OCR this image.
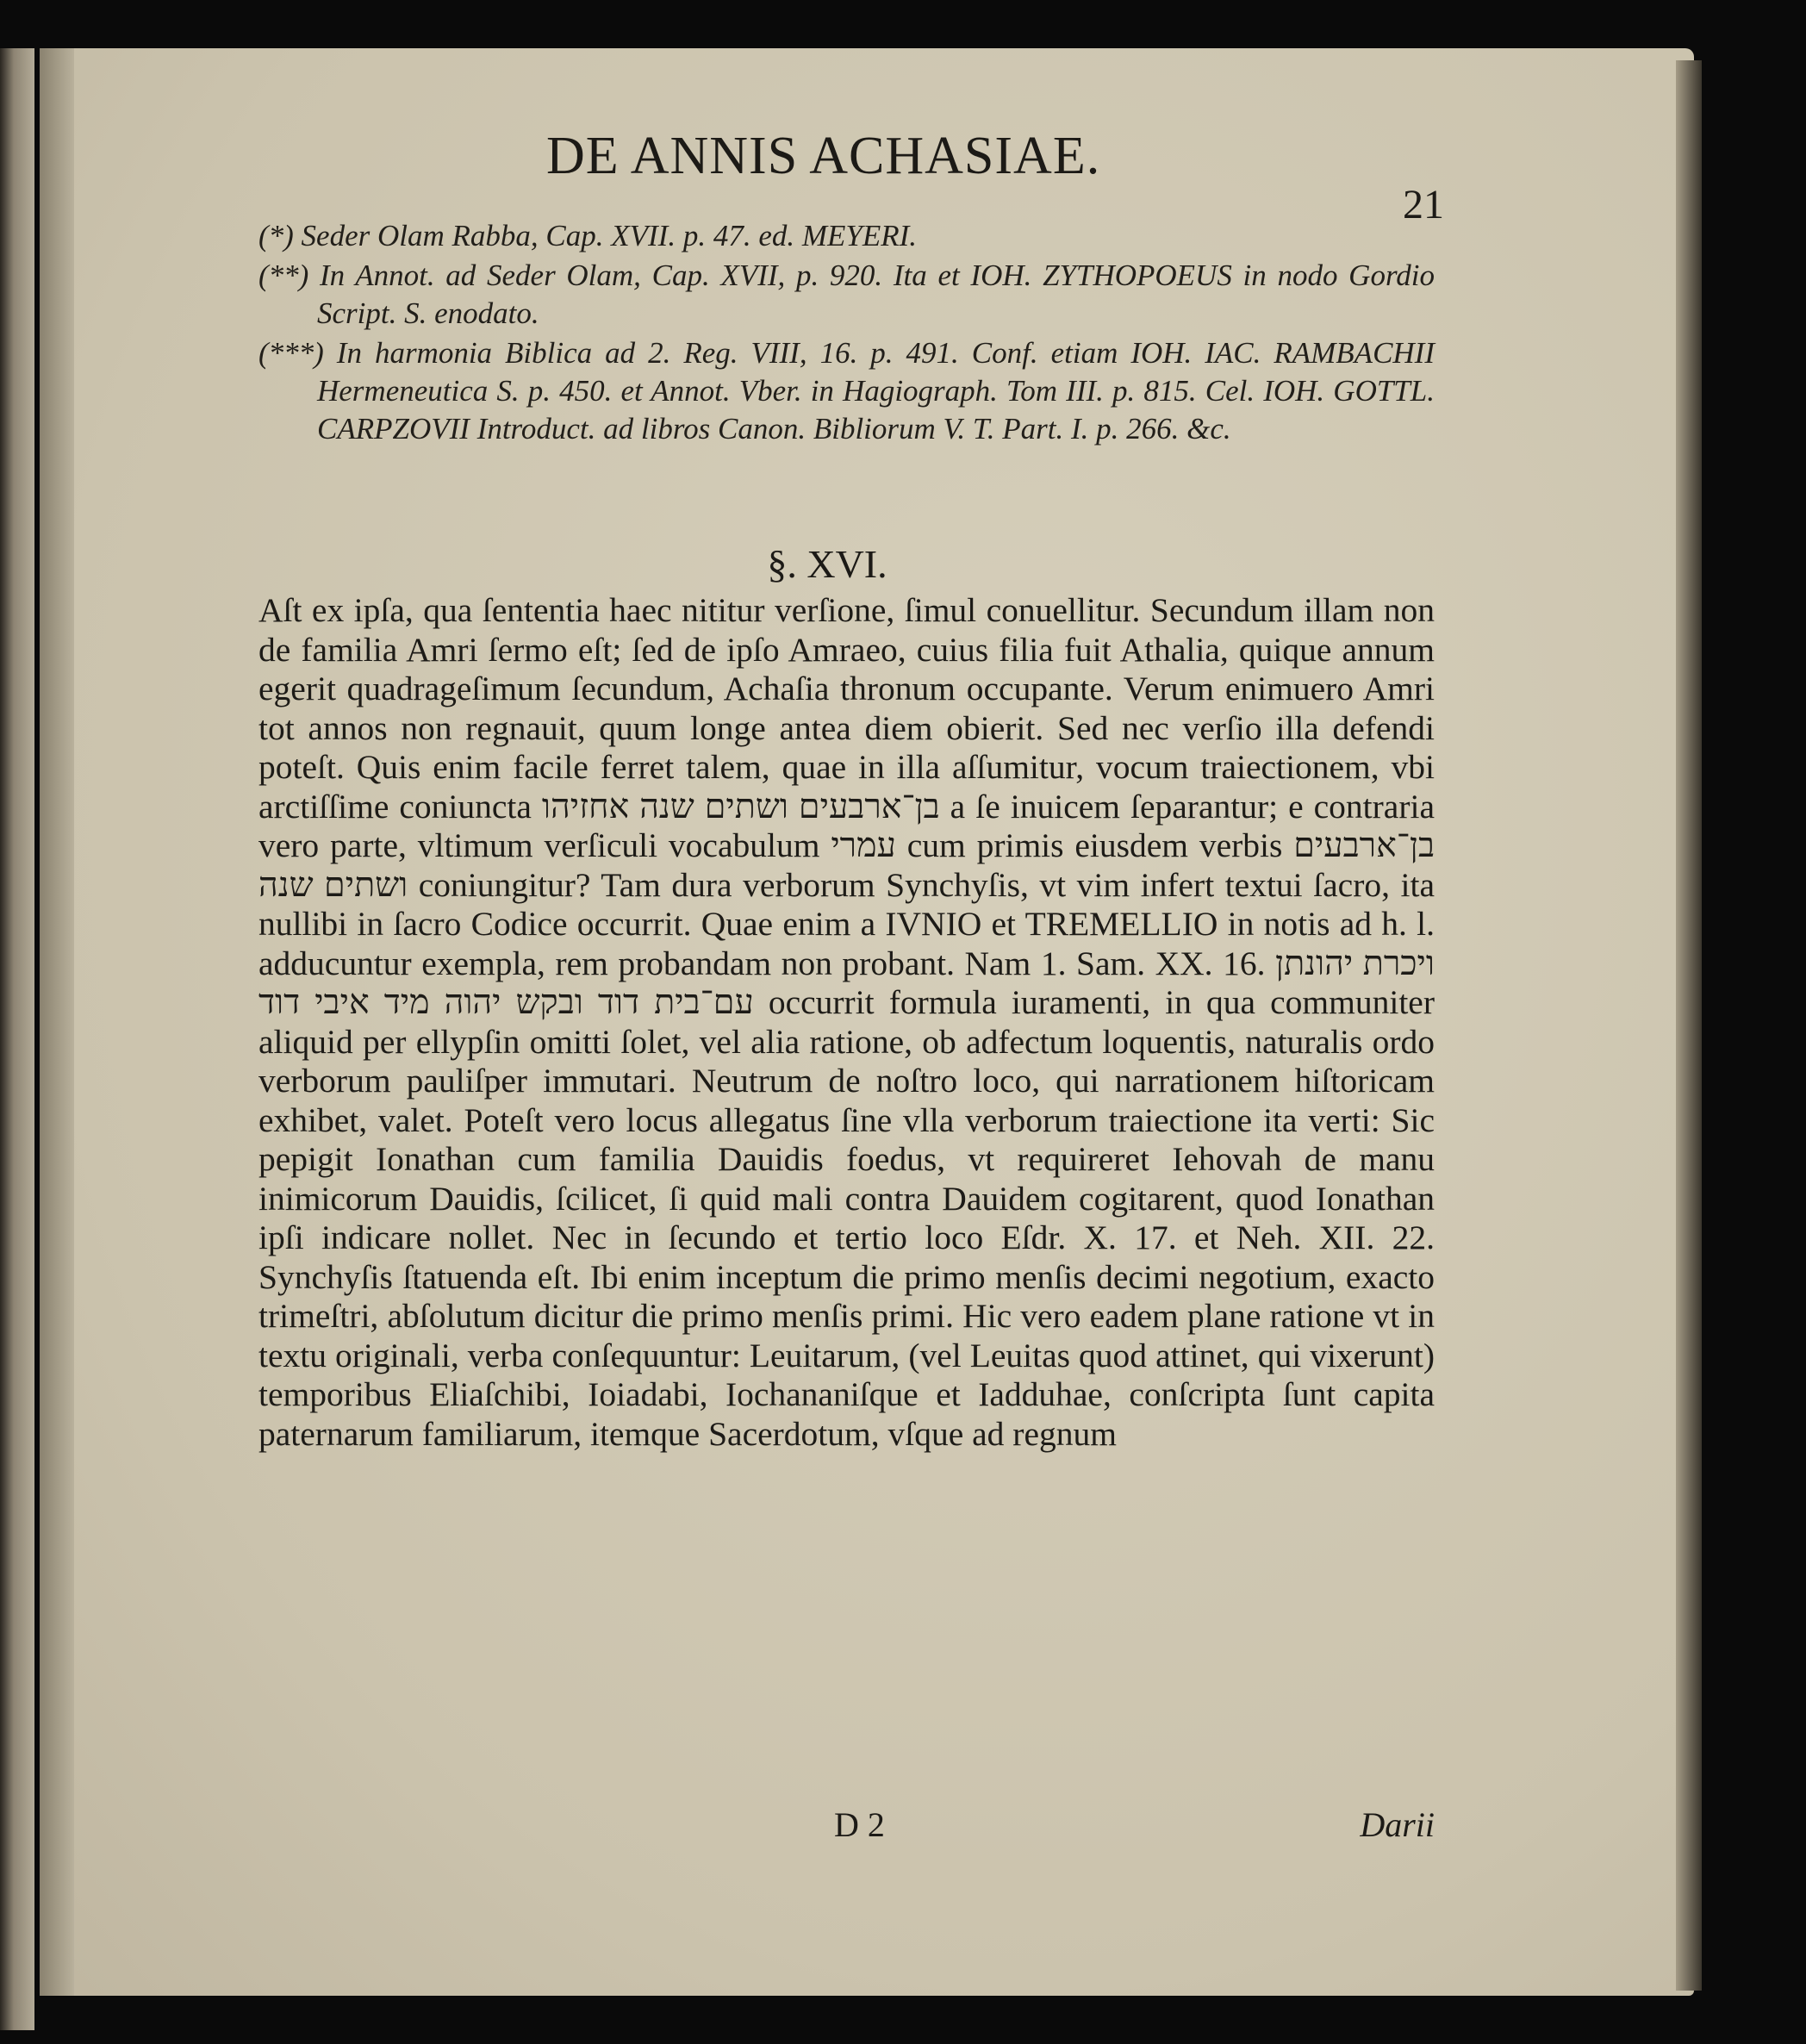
DE ANNIS ACHASIAE.
21

(*) Seder Olam Rabba, Cap. XVII. p. 47. ed. MEYERI.

(**) In Annot. ad Seder Olam, Cap. XVII, p. 920. Ita et IOH. ZYTHOPOEUS in nodo Gordio Script. S. enodato.

(***) In harmonia Biblica ad 2. Reg. VIII, 16. p. 491. Conf. etiam IOH. IAC. RAMBACHII Hermeneutica S. p. 450. et Annot. Vber. in Hagiograph. Tom III. p. 815. Cel. IOH. GOTTL. CARPZOVII Introduct. ad libros Canon. Bibliorum V. T. Part. I. p. 266. &c.

§. XVI.

Aſt ex ipſa, qua ſententia haec nititur verſione, ſimul conuellitur. Secundum illam non de familia Amri ſermo eſt; ſed de ipſo Amraeo, cuius filia fuit Athalia, quique annum egerit quadrageſimum ſecundum, Achaſia thronum occupante. Verum enimuero Amri tot annos non regnauit, quum longe antea diem obierit. Sed nec verſio illa defendi poteſt. Quis enim facile ferret talem, quae in illa aſſumitur, vocum traiectionem, vbi arctiſſime coniuncta בן־ארבעים ושתים שנה אחזיהו a ſe inuicem ſeparantur; e contraria vero parte, vltimum verſiculi vocabulum עמרי cum primis eiusdem verbis בן־ארבעים ושתים שנה coniungitur? Tam dura verborum Synchyſis, vt vim infert textui ſacro, ita nullibi in ſacro Codice occurrit. Quae enim a IVNIO et TREMELLIO in notis ad h. l. adducuntur exempla, rem probandam non probant. Nam 1. Sam. XX. 16. ויכרת יהונתן עם־בית דוד ובקש יהוה מיד איבי דוד occurrit formula iuramenti, in qua communiter aliquid per ellypſin omitti ſolet, vel alia ratione, ob adfectum loquentis, naturalis ordo verborum pauliſper immutari. Neutrum de noſtro loco, qui narrationem hiſtoricam exhibet, valet. Poteſt vero locus allegatus ſine vlla verborum traiectione ita verti: Sic pepigit Ionathan cum familia Dauidis foedus, vt requireret Iehovah de manu inimicorum Dauidis, ſcilicet, ſi quid mali contra Dauidem cogitarent, quod Ionathan ipſi indicare nollet. Nec in ſecundo et tertio loco Eſdr. X. 17. et Neh. XII. 22. Synchyſis ſtatuenda eſt. Ibi enim inceptum die primo menſis decimi negotium, exacto trimeſtri, abſolutum dicitur die primo menſis primi. Hic vero eadem plane ratione vt in textu originali, verba conſequuntur: Leuitarum, (vel Leuitas quod attinet, qui vixerunt) temporibus Eliaſchibi, Ioiadabi, Iochananiſque et Iadduhae, conſcripta ſunt capita paternarum familiarum, itemque Sacerdotum, vſque ad regnum

D 2	Darii
